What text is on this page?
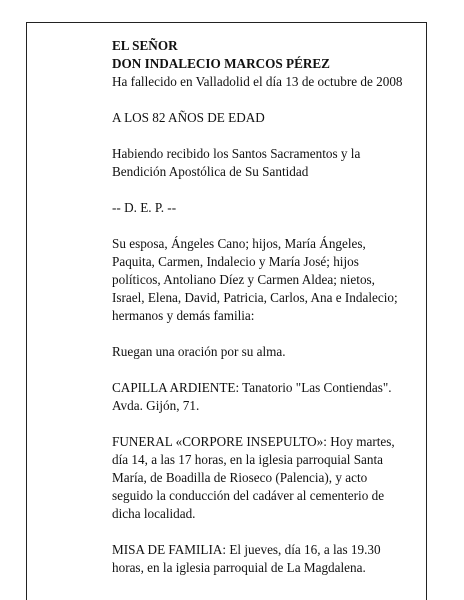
EL SEÑOR
DON INDALECIO MARCOS PÉREZ
Ha fallecido en Valladolid el día 13 de octubre de 2008

A LOS 82 AÑOS DE EDAD

Habiendo recibido los Santos Sacramentos y la
Bendición Apostólica de Su Santidad

-- D. E. P. --

Su esposa, Ángeles Cano; hijos, María Ángeles,
Paquita, Carmen, Indalecio y María José; hijos
políticos, Antoliano Díez y Carmen Aldea; nietos,
Israel, Elena, David, Patricia, Carlos, Ana e Indalecio;
hermanos y demás familia:

Ruegan una oración por su alma.

CAPILLA ARDIENTE: Tanatorio "Las Contiendas".
Avda. Gijón, 71.

FUNERAL «CORPORE INSEPULTO»: Hoy martes,
día 14, a las 17 horas, en la iglesia parroquial Santa
María, de Boadilla de Rioseco (Palencia), y acto
seguido la conducción del cadáver al cementerio de
dicha localidad.

MISA DE FAMILIA: El jueves, día 16, a las 19.30
horas, en la iglesia parroquial de La Magdalena.
